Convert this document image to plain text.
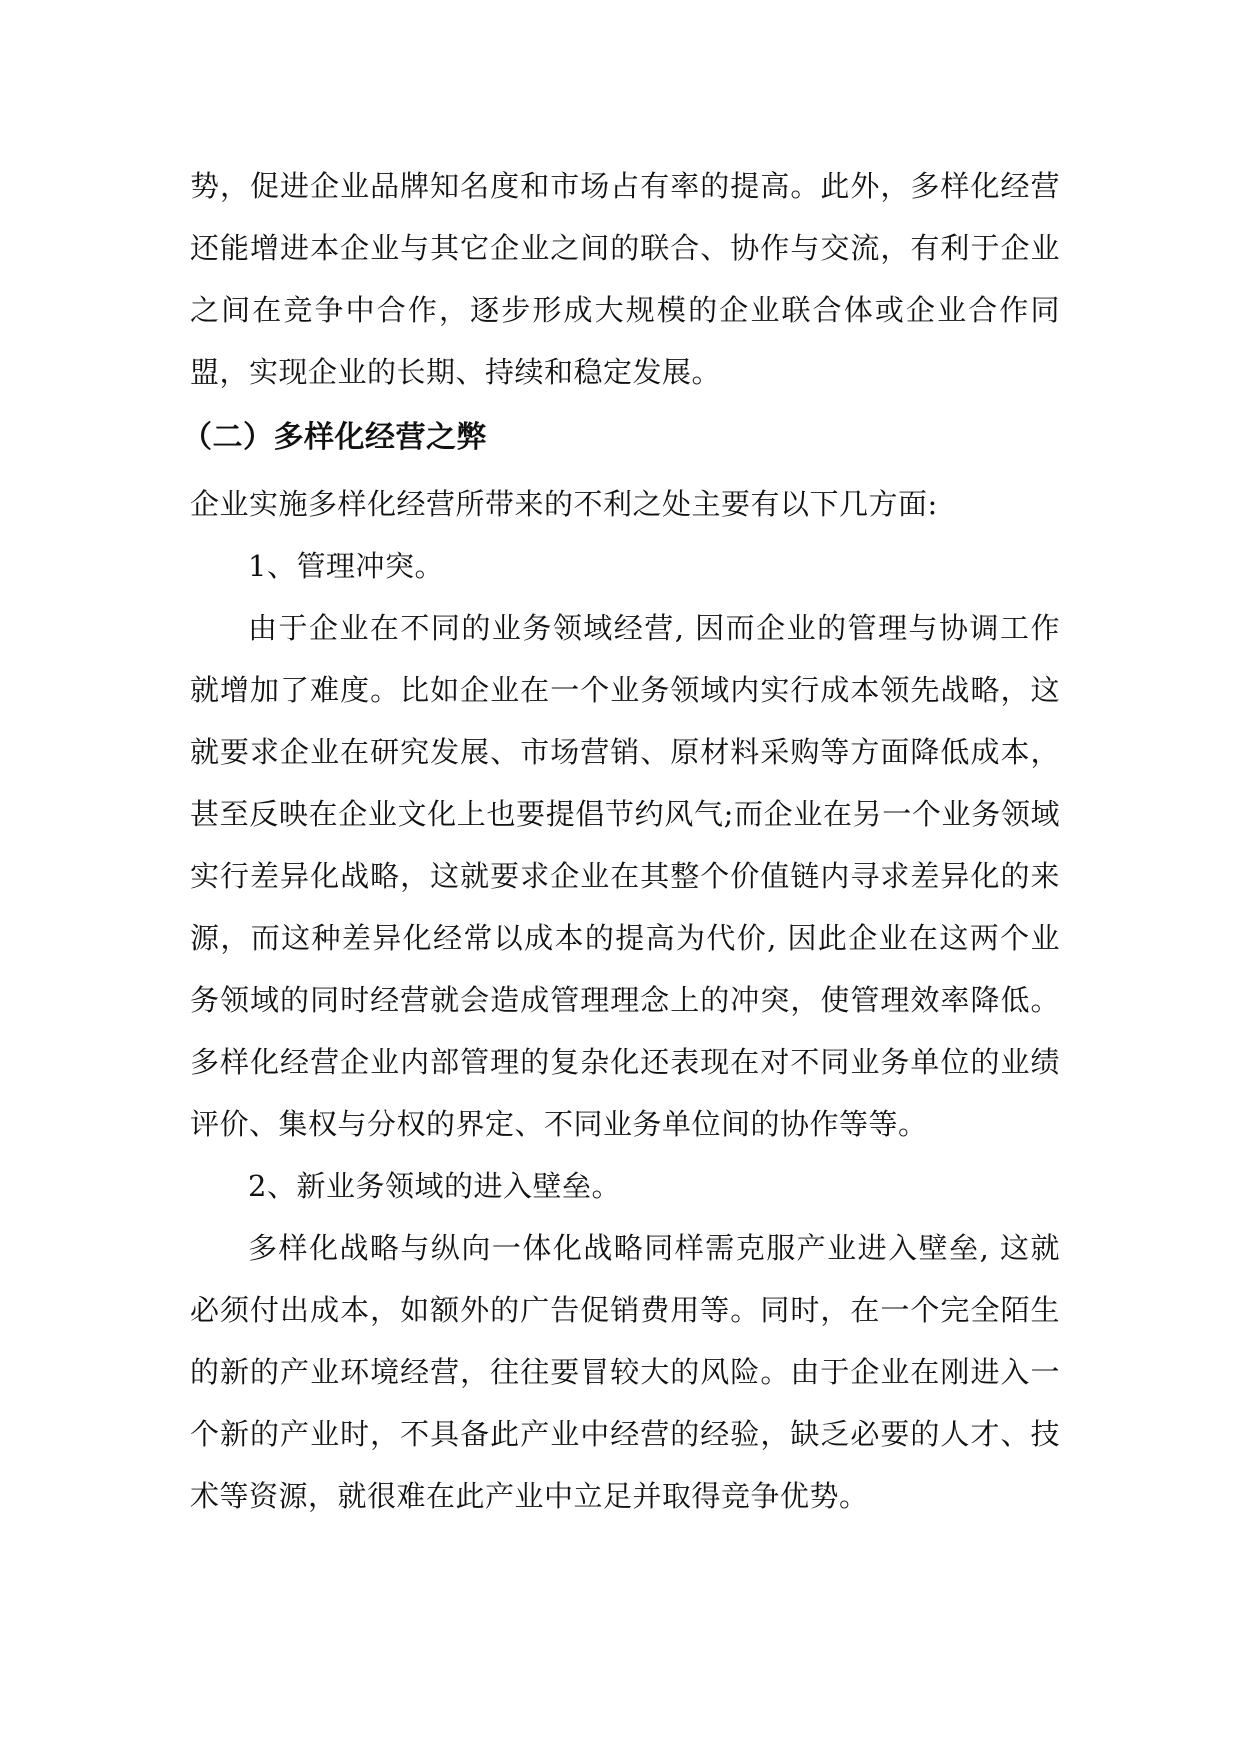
势，促进企业品牌知名度和市场占有率的提高。此外，多样化经营还能增进本企业与其它企业之间的联合、协作与交流，有利于企业之间在竞争中合作，逐步形成大规模的企业联合体或企业合作同盟，实现企业的长期、持续和稳定发展。

（二）多样化经营之弊

企业实施多样化经营所带来的不利之处主要有以下几方面:

1、管理冲突。

由于企业在不同的业务领域经营, 因而企业的管理与协调工作就增加了难度。比如企业在一个业务领域内实行成本领先战略，这就要求企业在研究发展、市场营销、原材料采购等方面降低成本，甚至反映在企业文化上也要提倡节约风气;而企业在另一个业务领域实行差异化战略，这就要求企业在其整个价值链内寻求差异化的来源，而这种差异化经常以成本的提高为代价, 因此企业在这两个业务领域的同时经营就会造成管理理念上的冲突，使管理效率降低。多样化经营企业内部管理的复杂化还表现在对不同业务单位的业绩评价、集权与分权的界定、不同业务单位间的协作等等。

2、新业务领域的进入壁垒。

多样化战略与纵向一体化战略同样需克服产业进入壁垒, 这就必须付出成本，如额外的广告促销费用等。同时，在一个完全陌生的新的产业环境经营，往往要冒较大的风险。由于企业在刚进入一个新的产业时，不具备此产业中经营的经验，缺乏必要的人才、技术等资源，就很难在此产业中立足并取得竞争优势。
